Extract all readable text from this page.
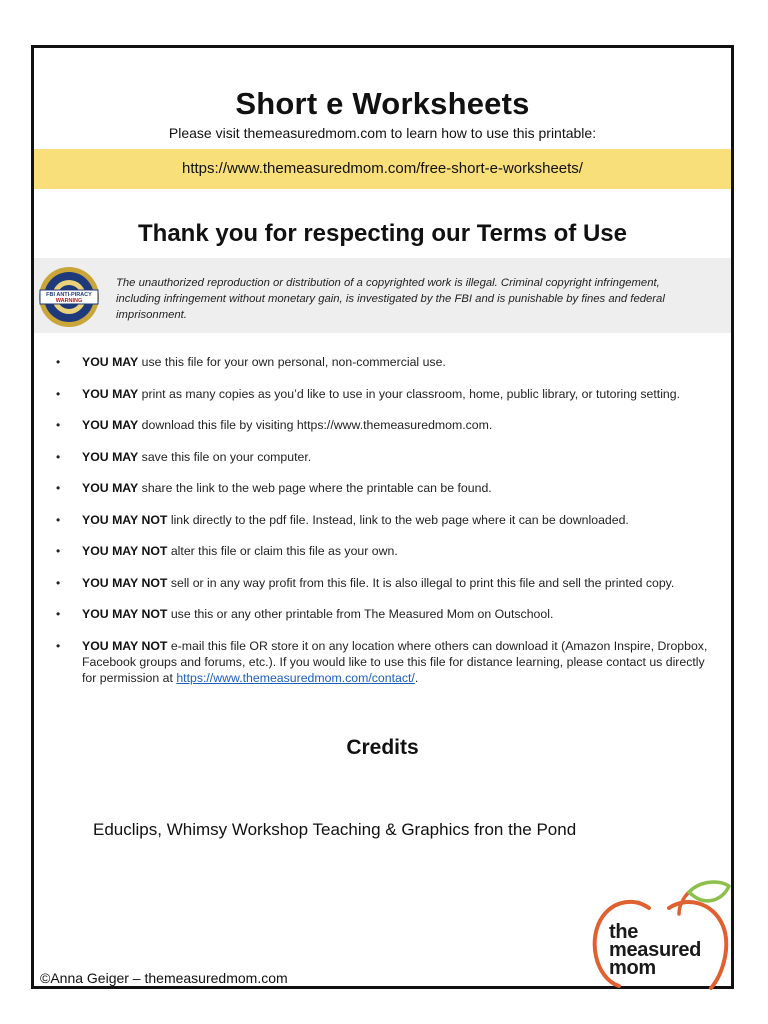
Short e Worksheets
Please visit themeasuredmom.com to learn how to use this printable:
https://www.themeasuredmom.com/free-short-e-worksheets/
Thank you for respecting our Terms of Use
FBI ANTI-PIRACY
WARNING
The unauthorized reproduction or distribution of a copyrighted work is illegal. Criminal copyright infringement, including infringement without monetary gain, is investigated by the FBI and is punishable by fines and federal imprisonment.
• YOU MAY use this file for your own personal, non-commercial use.
• YOU MAY print as many copies as you’d like to use in your classroom, home, public library, or tutoring setting.
• YOU MAY download this file by visiting https://www.themeasuredmom.com.
• YOU MAY save this file on your computer.
• YOU MAY share the link to the web page where the printable can be found.
• YOU MAY NOT link directly to the pdf file. Instead, link to the web page where it can be downloaded.
• YOU MAY NOT alter this file or claim this file as your own.
• YOU MAY NOT sell or in any way profit from this file. It is also illegal to print this file and sell the printed copy.
• YOU MAY NOT use this or any other printable from The Measured Mom on Outschool.
• YOU MAY NOT e-mail this file OR store it on any location where others can download it (Amazon Inspire, Dropbox, Facebook groups and forums, etc.). If you would like to use this file for distance learning, please contact us directly for permission at https://www.themeasuredmom.com/contact/.
Credits
Educlips, Whimsy Workshop Teaching & Graphics fron the Pond
©Anna Geiger – themeasuredmom.com
the
measured
mom
